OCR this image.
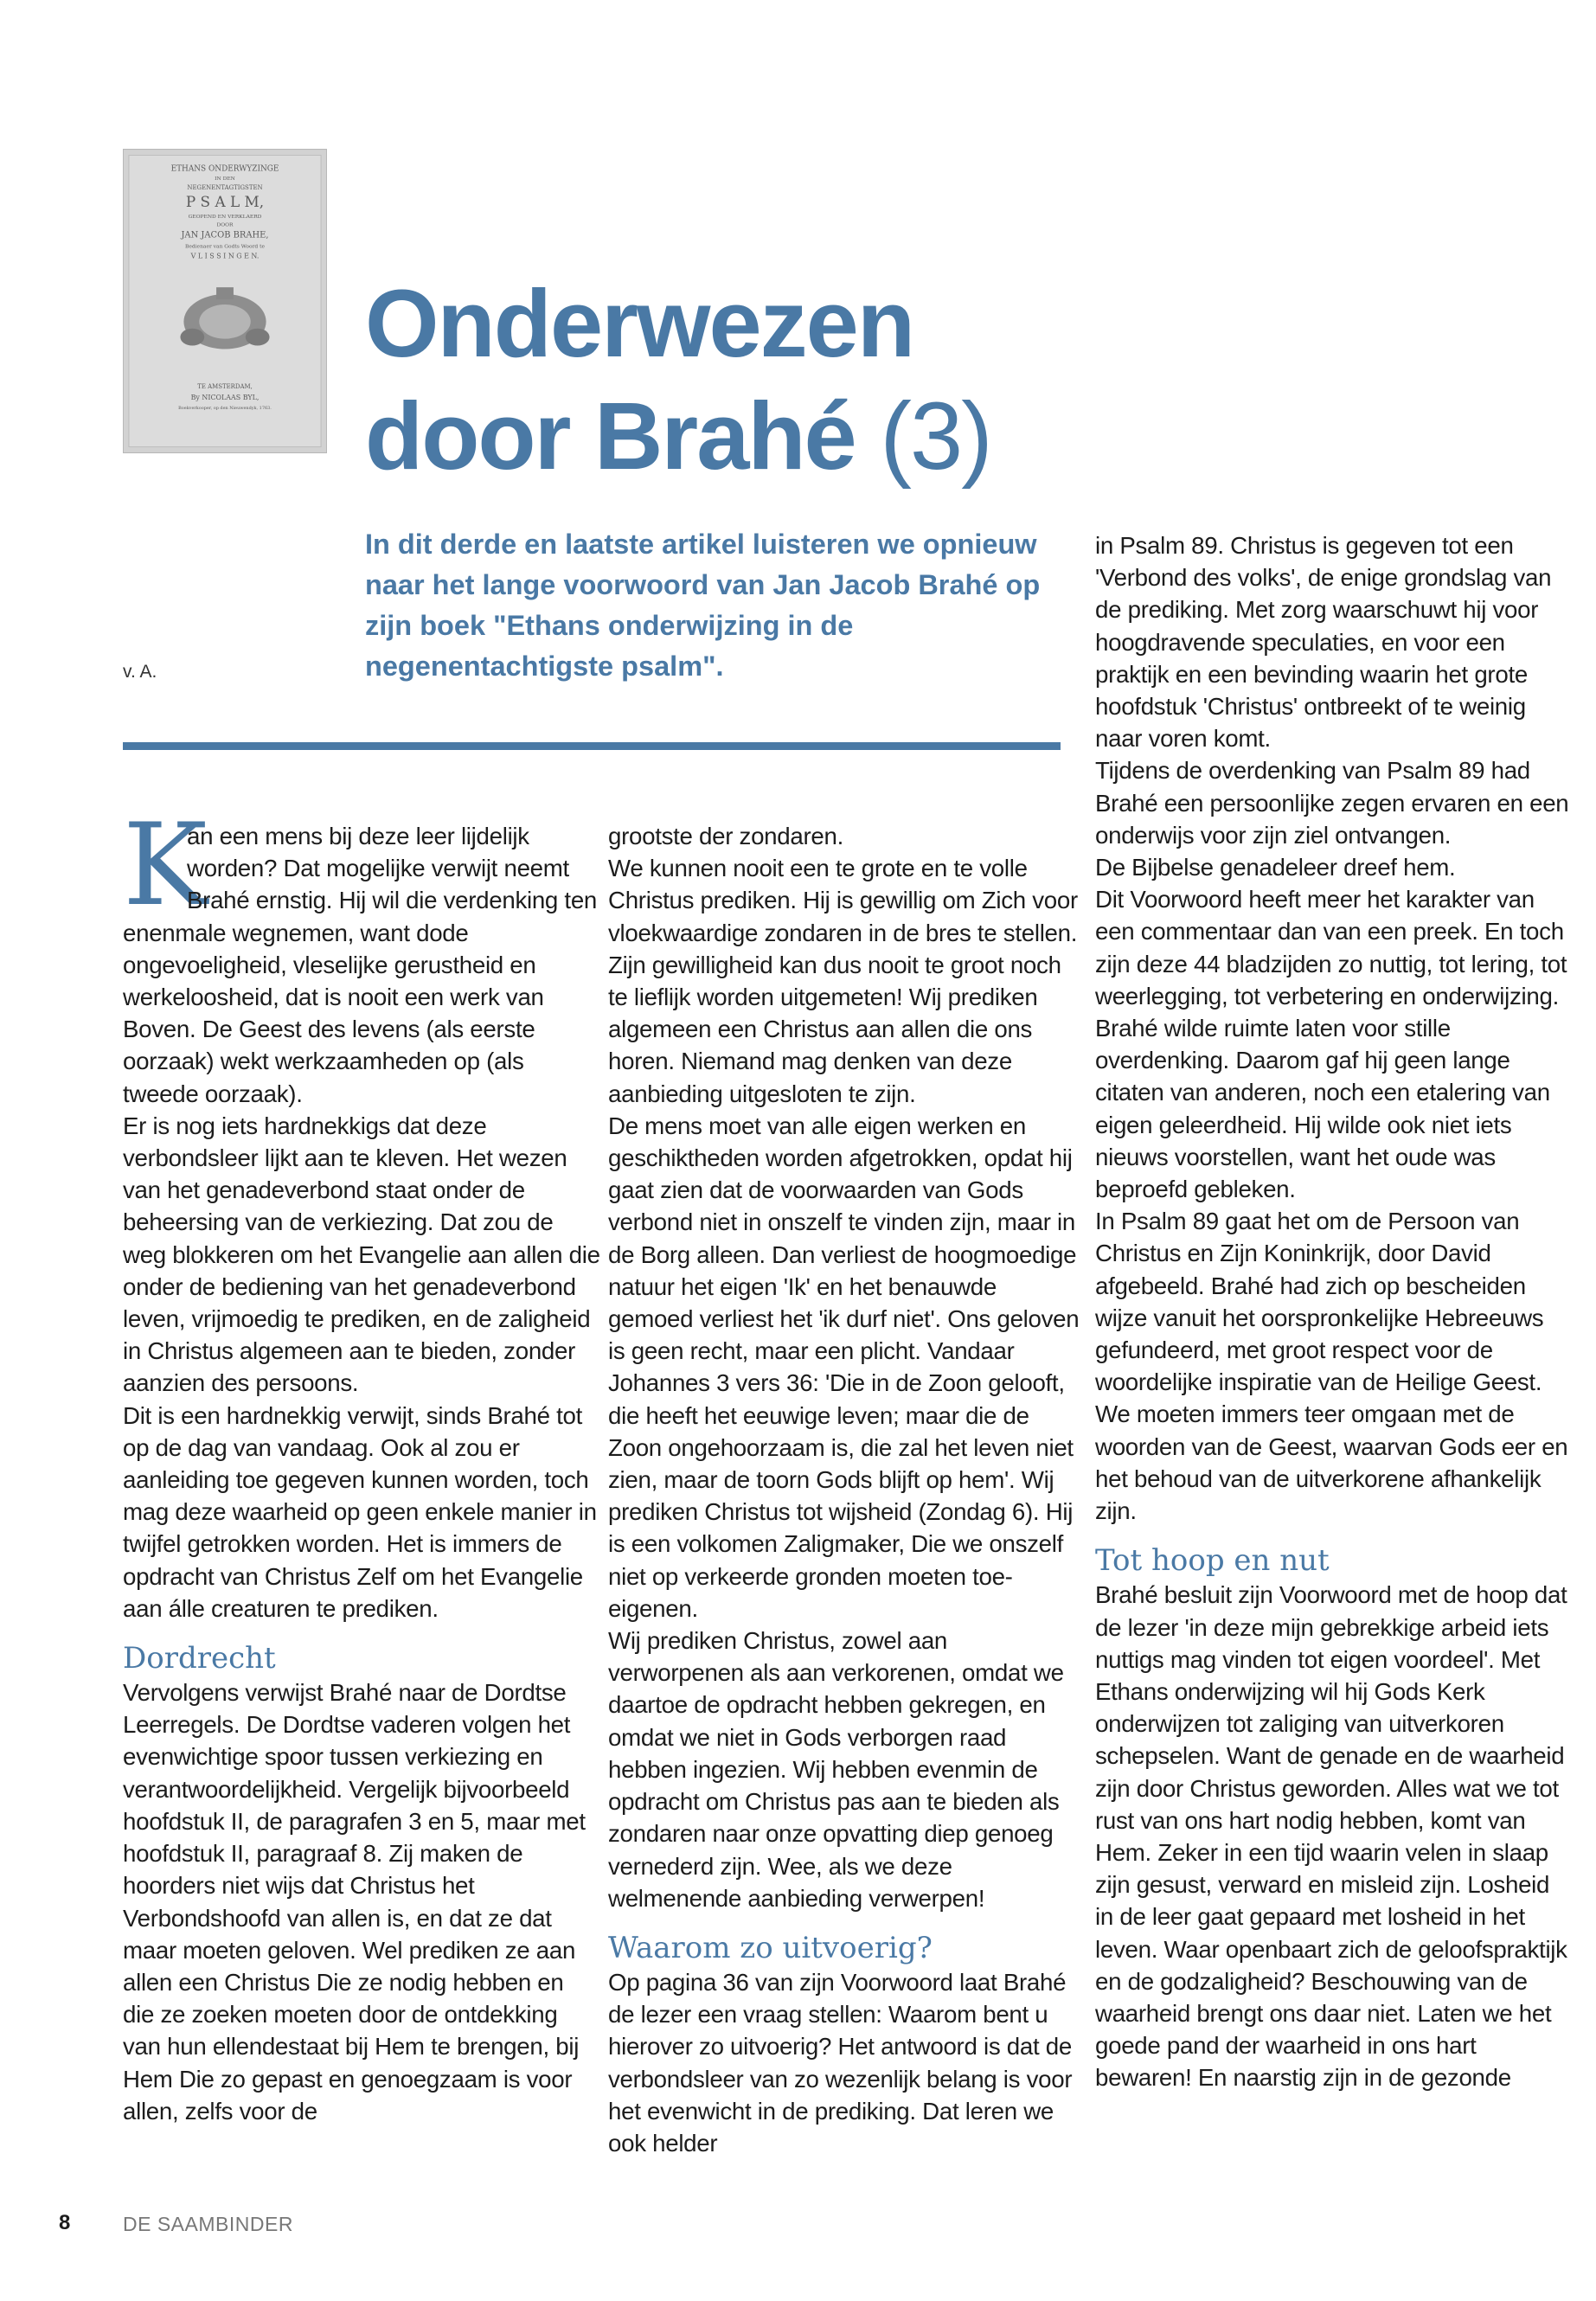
ETHANS ONDERWYZINGE
IN DEN
NEGENENTAGTIGSTEN
P S A L M,
GEOPEND EN VERKLAERD
DOOR
JAN JACOB BRAHE,
Bedienaer van Godts Woord te
V L I S S I N G E N.
TE AMSTERDAM,
By NICOLAAS BYL,
Boekverkooper, op den Nieuwendyk, 1763.
Onderwezen
door Brahé (3)

In dit derde en laatste artikel luisteren we opnieuw naar het lange voorwoord van Jan Jacob Brahé op zijn boek "Ethans onderwijzing in de negenentachtigste psalm".

v. A.

K
an een mens bij deze leer lijdelijk worden? Dat mogelijke verwijt neemt Brahé ernstig. Hij wil die verdenking ten enenmale wegnemen, want dode ongevoeligheid, vleselijke gerustheid en werkeloosheid, dat is nooit een werk van Boven. De Geest des levens (als eerste oorzaak) wekt werkzaamheden op (als tweede oorzaak).

Er is nog iets hardnekkigs dat deze verbondsleer lijkt aan te kleven. Het wezen van het genadeverbond staat onder de beheersing van de verkiezing. Dat zou de weg blokkeren om het Evangelie aan allen die onder de bediening van het genadeverbond leven, vrijmoedig te prediken, en de zaligheid in Christus algemeen aan te bieden, zonder aanzien des persoons.

Dit is een hardnekkig verwijt, sinds Brahé tot op de dag van vandaag. Ook al zou er aanleiding toe gegeven kunnen worden, toch mag deze waarheid op geen enkele manier in twijfel getrokken worden. Het is immers de opdracht van Christus Zelf om het Evangelie aan álle creaturen te prediken.

Dordrecht

Vervolgens verwijst Brahé naar de Dordtse Leerregels. De Dordtse vaderen volgen het evenwichtige spoor tussen verkiezing en verantwoordelijkheid. Vergelijk bijvoorbeeld hoofdstuk II, de paragrafen 3 en 5, maar met hoofdstuk II, paragraaf 8. Zij maken de hoorders niet wijs dat Christus het Verbondshoofd van allen is, en dat ze dat maar moeten geloven. Wel prediken ze aan allen een Christus Die ze nodig hebben en die ze zoeken moeten door de ontdekking van hun ellendestaat bij Hem te brengen, bij Hem Die zo gepast en genoegzaam is voor allen, zelfs voor de

grootste der zondaren.

We kunnen nooit een te grote en te volle Christus prediken. Hij is gewillig om Zich voor vloekwaardige zondaren in de bres te stellen. Zijn gewilligheid kan dus nooit te groot noch te lieflijk worden uitgemeten! Wij prediken algemeen een Christus aan allen die ons horen. Niemand mag denken van deze aanbieding uitgesloten te zijn.

De mens moet van alle eigen werken en geschiktheden worden afgetrokken, opdat hij gaat zien dat de voorwaarden van Gods verbond niet in onszelf te vinden zijn, maar in de Borg alleen. Dan verliest de hoogmoedige natuur het eigen 'Ik' en het benauwde gemoed verliest het 'ik durf niet'. Ons geloven is geen recht, maar een plicht. Vandaar Johannes 3 vers 36: 'Die in de Zoon gelooft, die heeft het eeuwige leven; maar die de Zoon ongehoorzaam is, die zal het leven niet zien, maar de toorn Gods blijft op hem'. Wij prediken Christus tot wijsheid (Zondag 6). Hij is een volkomen Zaligmaker, Die we onszelf niet op verkeerde gronden moeten toe-eigenen.

Wij prediken Christus, zowel aan verworpenen als aan verkorenen, omdat we daartoe de opdracht hebben gekregen, en omdat we niet in Gods verborgen raad hebben ingezien. Wij hebben evenmin de opdracht om Christus pas aan te bieden als zondaren naar onze opvatting diep genoeg vernederd zijn. Wee, als we deze welmenende aanbieding verwerpen!

Waarom zo uitvoerig?

Op pagina 36 van zijn Voorwoord laat Brahé de lezer een vraag stellen: Waarom bent u hierover zo uitvoerig? Het antwoord is dat de verbondsleer van zo wezenlijk belang is voor het evenwicht in de prediking. Dat leren we ook helder

in Psalm 89. Christus is gegeven tot een 'Verbond des volks', de enige grondslag van de prediking. Met zorg waarschuwt hij voor hoogdravende speculaties, en voor een praktijk en een bevinding waarin het grote hoofdstuk 'Christus' ontbreekt of te weinig naar voren komt.

Tijdens de overdenking van Psalm 89 had Brahé een persoonlijke zegen ervaren en een onderwijs voor zijn ziel ontvangen.

De Bijbelse genadeleer dreef hem.

Dit Voorwoord heeft meer het karakter van een commentaar dan van een preek. En toch zijn deze 44 bladzijden zo nuttig, tot lering, tot weerlegging, tot verbetering en onderwijzing.

Brahé wilde ruimte laten voor stille overdenking. Daarom gaf hij geen lange citaten van anderen, noch een etalering van eigen geleerdheid. Hij wilde ook niet iets nieuws voorstellen, want het oude was beproefd gebleken.

In Psalm 89 gaat het om de Persoon van Christus en Zijn Koninkrijk, door David afgebeeld. Brahé had zich op bescheiden wijze vanuit het oorspronkelijke Hebreeuws gefundeerd, met groot respect voor de woordelijke inspiratie van de Heilige Geest. We moeten immers teer omgaan met de woorden van de Geest, waarvan Gods eer en het behoud van de uitverkorene afhankelijk zijn.

Tot hoop en nut

Brahé besluit zijn Voorwoord met de hoop dat de lezer 'in deze mijn gebrekkige arbeid iets nuttigs mag vinden tot eigen voordeel'. Met Ethans onderwijzing wil hij Gods Kerk onderwijzen tot zaliging van uitverkoren schepselen. Want de genade en de waarheid zijn door Christus geworden. Alles wat we tot rust van ons hart nodig hebben, komt van Hem. Zeker in een tijd waarin velen in slaap zijn gesust, verward en misleid zijn. Losheid in de leer gaat gepaard met losheid in het leven. Waar openbaart zich de geloofspraktijk en de godzaligheid? Beschouwing van de waarheid brengt ons daar niet. Laten we het goede pand der waarheid in ons hart bewaren! En naarstig zijn in de gezonde

8	DE SAAMBINDER
